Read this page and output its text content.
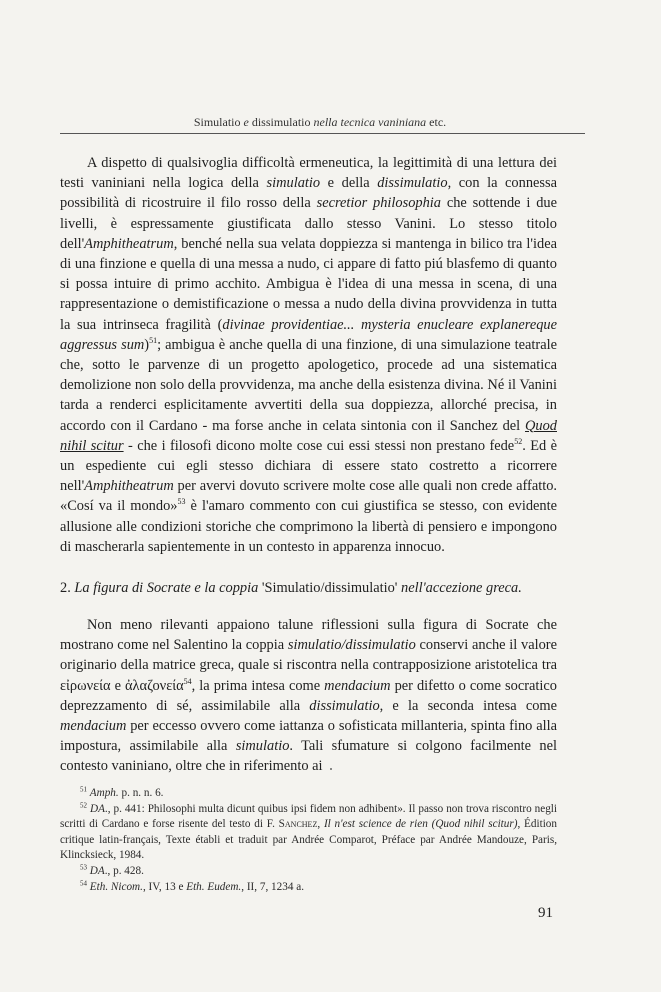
Simulatio e dissimulatio nella tecnica vaniniana etc.

A dispetto di qualsivoglia difficoltà ermeneutica, la legittimità di una lettura dei testi vaniniani nella logica della simulatio e della dissimulatio, con la connessa possibilità di ricostruire il filo rosso della secretior philosophia che sottende i due livelli, è espressamente giustificata dallo stesso Vanini. Lo stesso titolo dell'Amphitheatrum, benché nella sua velata doppiezza si mantenga in bilico tra l'idea di una finzione e quella di una messa a nudo, ci appare di fatto piú blasfemo di quanto si possa intuire di primo acchito. Ambigua è l'idea di una messa in scena, di una rappresentazione o demistificazione o messa a nudo della divina provvidenza in tutta la sua intrinseca fragilità (divinae providentiae... mysteria enucleare explanereque aggressus sum)$^{51}$; ambigua è anche quella di una finzione, di una simulazione teatrale che, sotto le parvenze di un progetto apologetico, procede ad una sistematica demolizione non solo della provvidenza, ma anche della esistenza divina. Né il Vanini tarda a renderci esplicitamente avvertiti della sua doppiezza, allorché precisa, in accordo con il Cardano - ma forse anche in celata sintonia con il Sanchez del Quod nihil scitur - che i filosofi dicono molte cose cui essi stessi non prestano fede$^{52}$. Ed è un espediente cui egli stesso dichiara di essere stato costretto a ricorrere nell'Amphitheatrum per avervi dovuto scrivere molte cose alle quali non crede affatto. «Cosí va il mondo»$^{53}$ è l'amaro commento con cui giustifica se stesso, con evidente allusione alle condizioni storiche che comprimono la libertà di pensiero e impongono di mascherarla sapientemente in un contesto in apparenza innocuo.

2. La figura di Socrate e la coppia 'Simulatio/dissimulatio' nell'accezione greca.

Non meno rilevanti appaiono talune riflessioni sulla figura di Socrate che mostrano come nel Salentino la coppia simulatio/dissimulatio conservi anche il valore originario della matrice greca, quale si riscontra nella contrapposizione aristotelica tra εἰρωνεία e ἀλαζονεία$^{54}$, la prima intesa come mendacium per difetto o come socratico deprezzamento di sé, assimilabile alla dissimulatio, e la seconda intesa come mendacium per eccesso ovvero come iattanza o sofisticata millanteria, spinta fino alla impostura, assimilabile alla simulatio. Tali sfumature si colgono facilmente nel contesto vaniniano, oltre che in riferimento ai

$^{51}$ Amph. p. n. n. 6.

$^{52}$ DA., p. 441: Philosophi multa dicunt quibus ipsi fidem non adhibent». Il passo non trova riscontro negli scritti di Cardano e forse risente del testo di F. Sanchez, Il n'est science de rien (Quod nihil scitur), Édition critique latin-français, Texte établi et traduit par Andrée Comparot, Préface par Andrée Mandouze, Paris, Klincksieck, 1984.

$^{53}$ DA., p. 428.

$^{54}$ Eth. Nicom., IV, 13 e Eth. Eudem., II, 7, 1234 a.

91
